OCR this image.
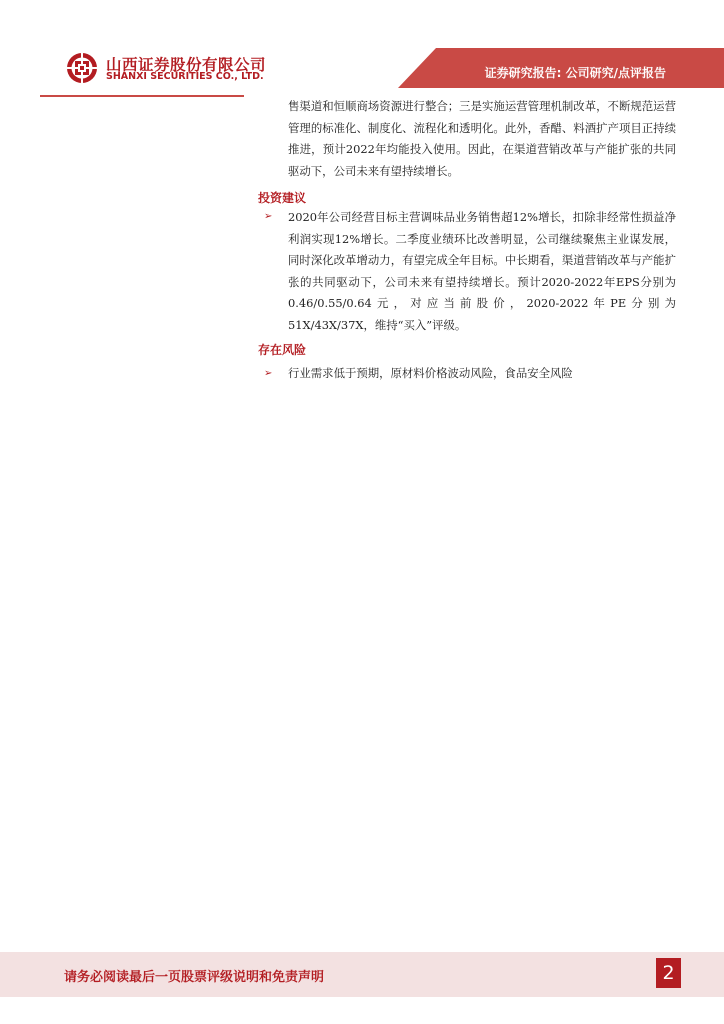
山西证券股份有限公司
SHANXI SECURITIES CO., LTD.	证券研究报告: 公司研究/点评报告

售渠道和恒顺商场资源进行整合；三是实施运营管理机制改革，不断规范运营管理的标准化、制度化、流程化和透明化。此外，香醋、料酒扩产项目正持续推进，预计2022年均能投入使用。因此，在渠道营销改革与产能扩张的共同驱动下，公司未来有望持续增长。

投资建议
➢ 2020年公司经营目标主营调味品业务销售超12%增长，扣除非经常性损益净利润实现12%增长。二季度业绩环比改善明显，公司继续聚焦主业谋发展，同时深化改革增动力，有望完成全年目标。中长期看，渠道营销改革与产能扩张的共同驱动下，公司未来有望持续增长。预计2020-2022年EPS分别为0.46/0.55/0.64元，对应当前股价，2020-2022年PE分别为51X/43X/37X，维持“买入”评级。

存在风险
➢ 行业需求低于预期，原材料价格波动风险，食品安全风险

请务必阅读最后一页股票评级说明和免责声明	2
